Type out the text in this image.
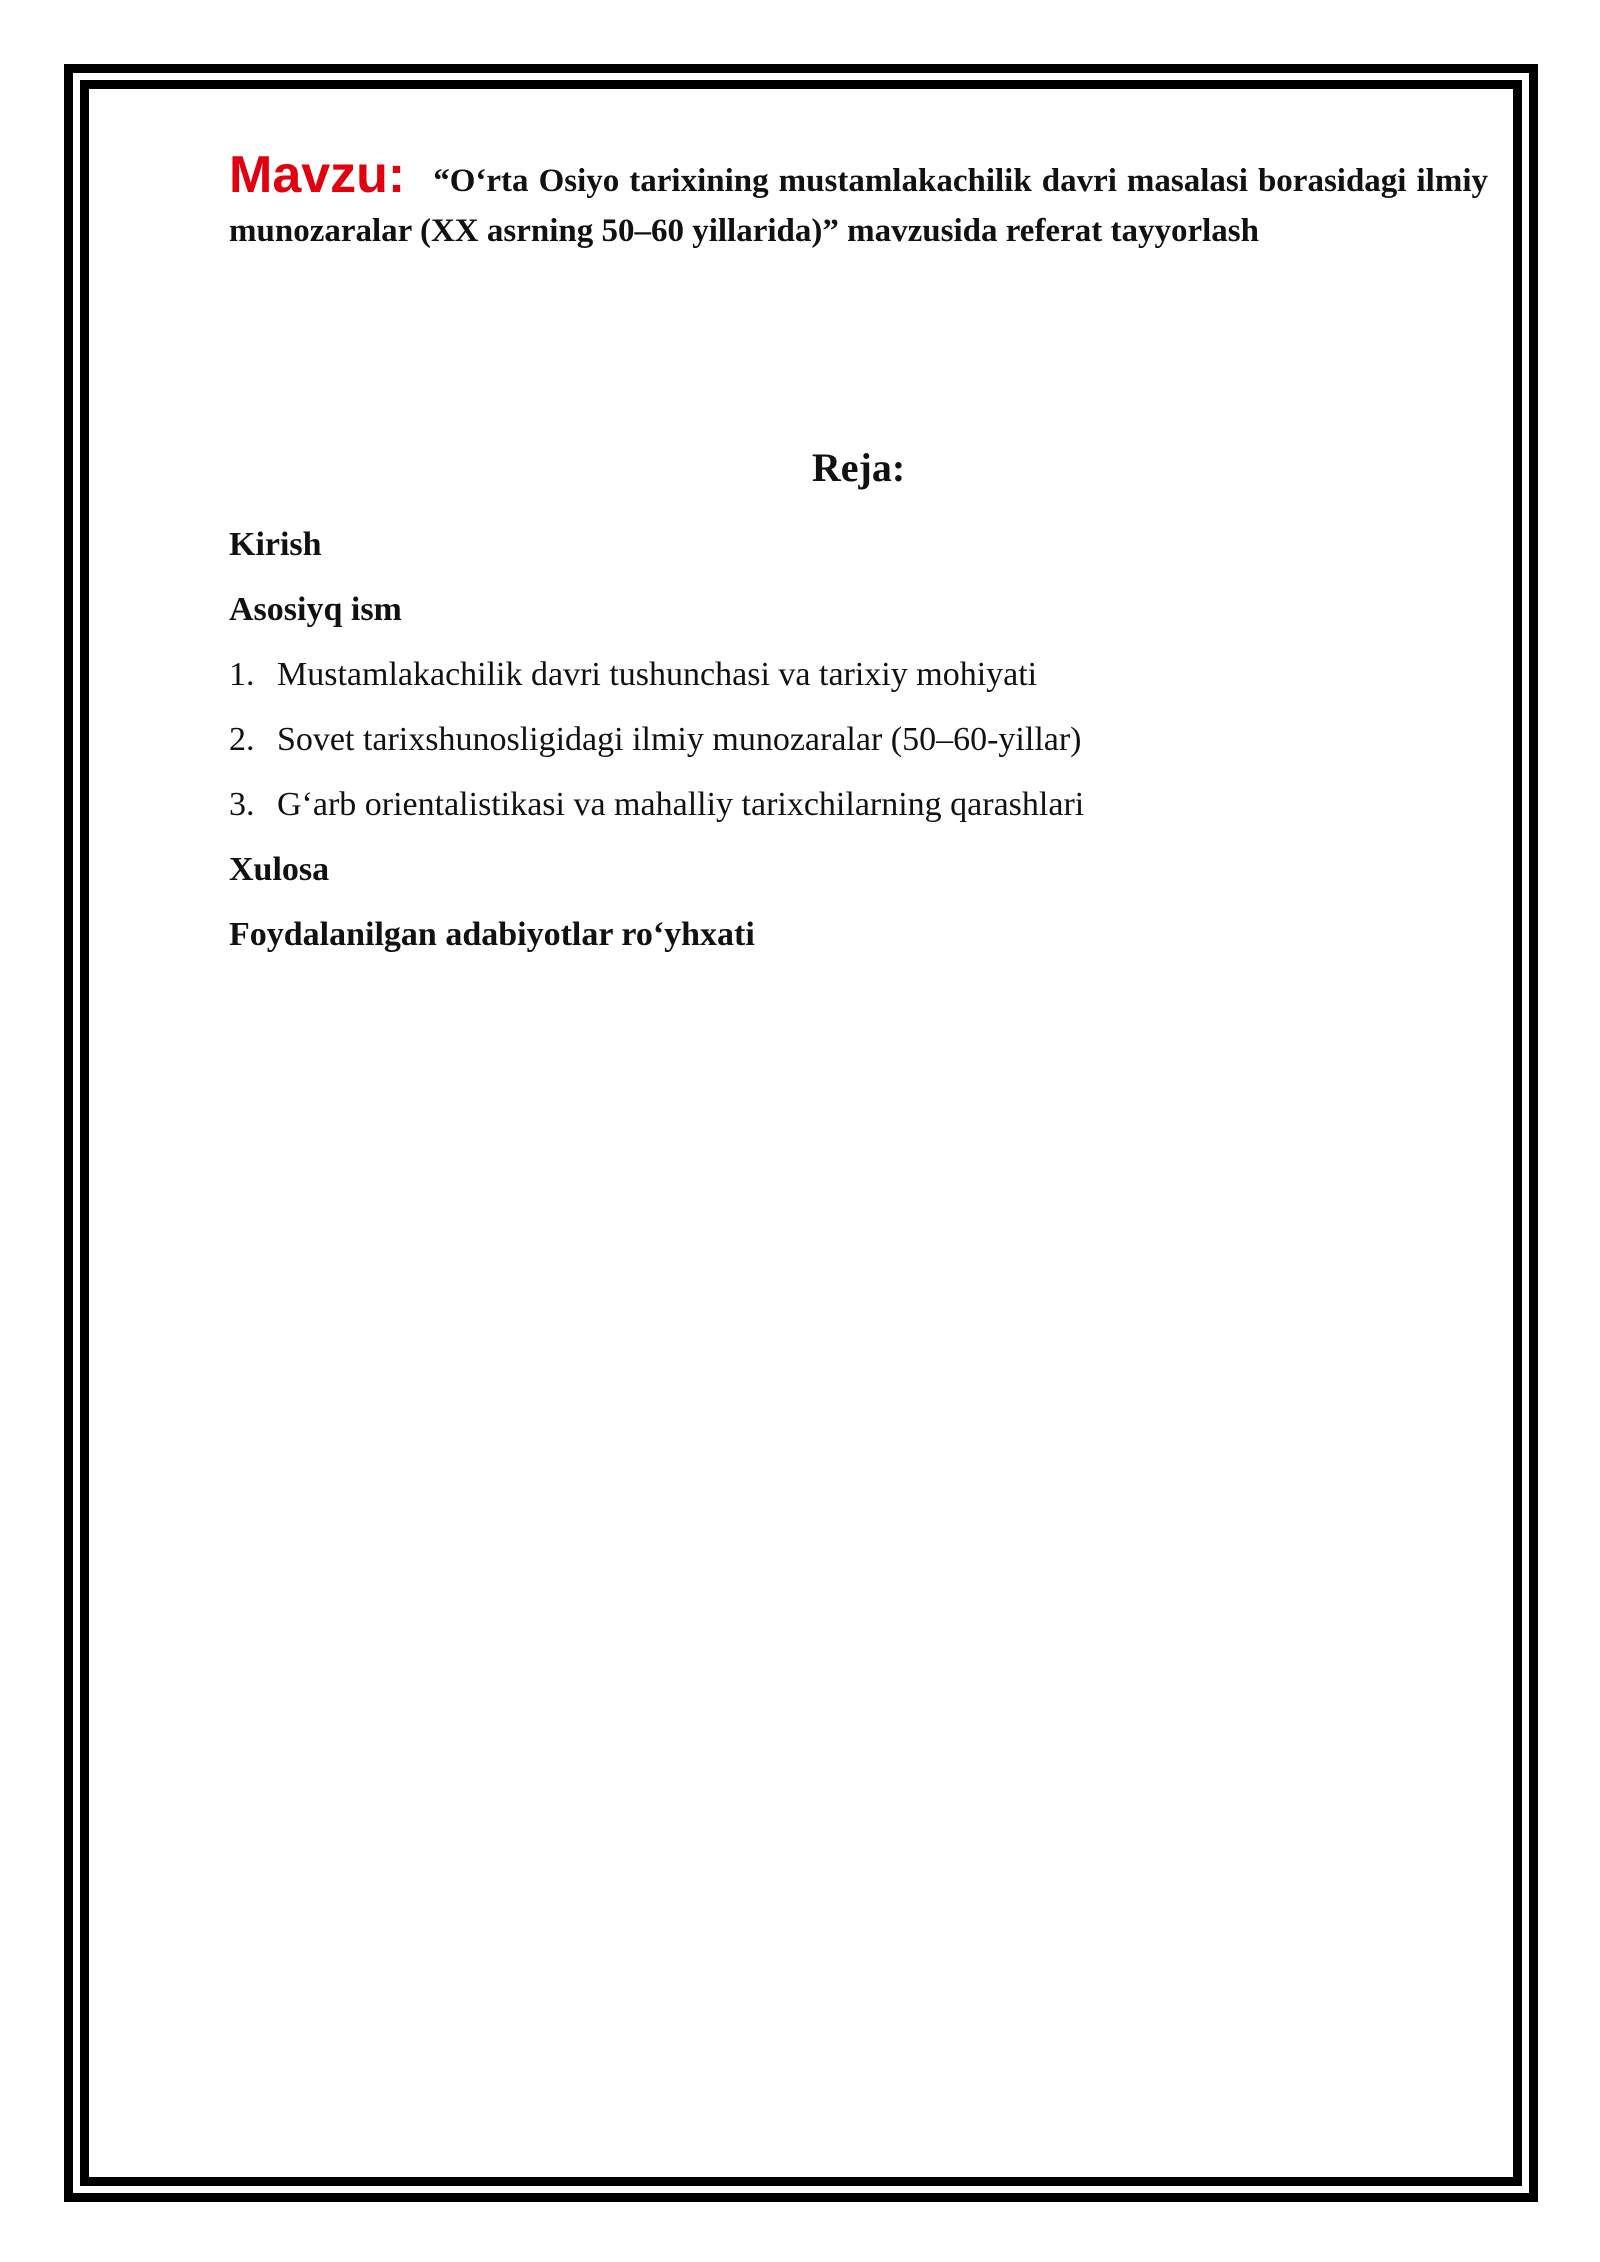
Mavzu: “O‘rta Osiyo tarixining mustamlakachilik davri masalasi borasidagi ilmiy munozaralar (XX asrning 50–60 yillarida)” mavzusida referat tayyorlash

Reja:
Kirish
Asosiyq ism
1. Mustamlakachilik davri tushunchasi va tarixiy mohiyati
2. Sovet tarixshunosligidagi ilmiy munozaralar (50–60-yillar)
3. G‘arb orientalistikasi va mahalliy tarixchilarning qarashlari
Xulosa
Foydalanilgan adabiyotlar ro‘yhxati
